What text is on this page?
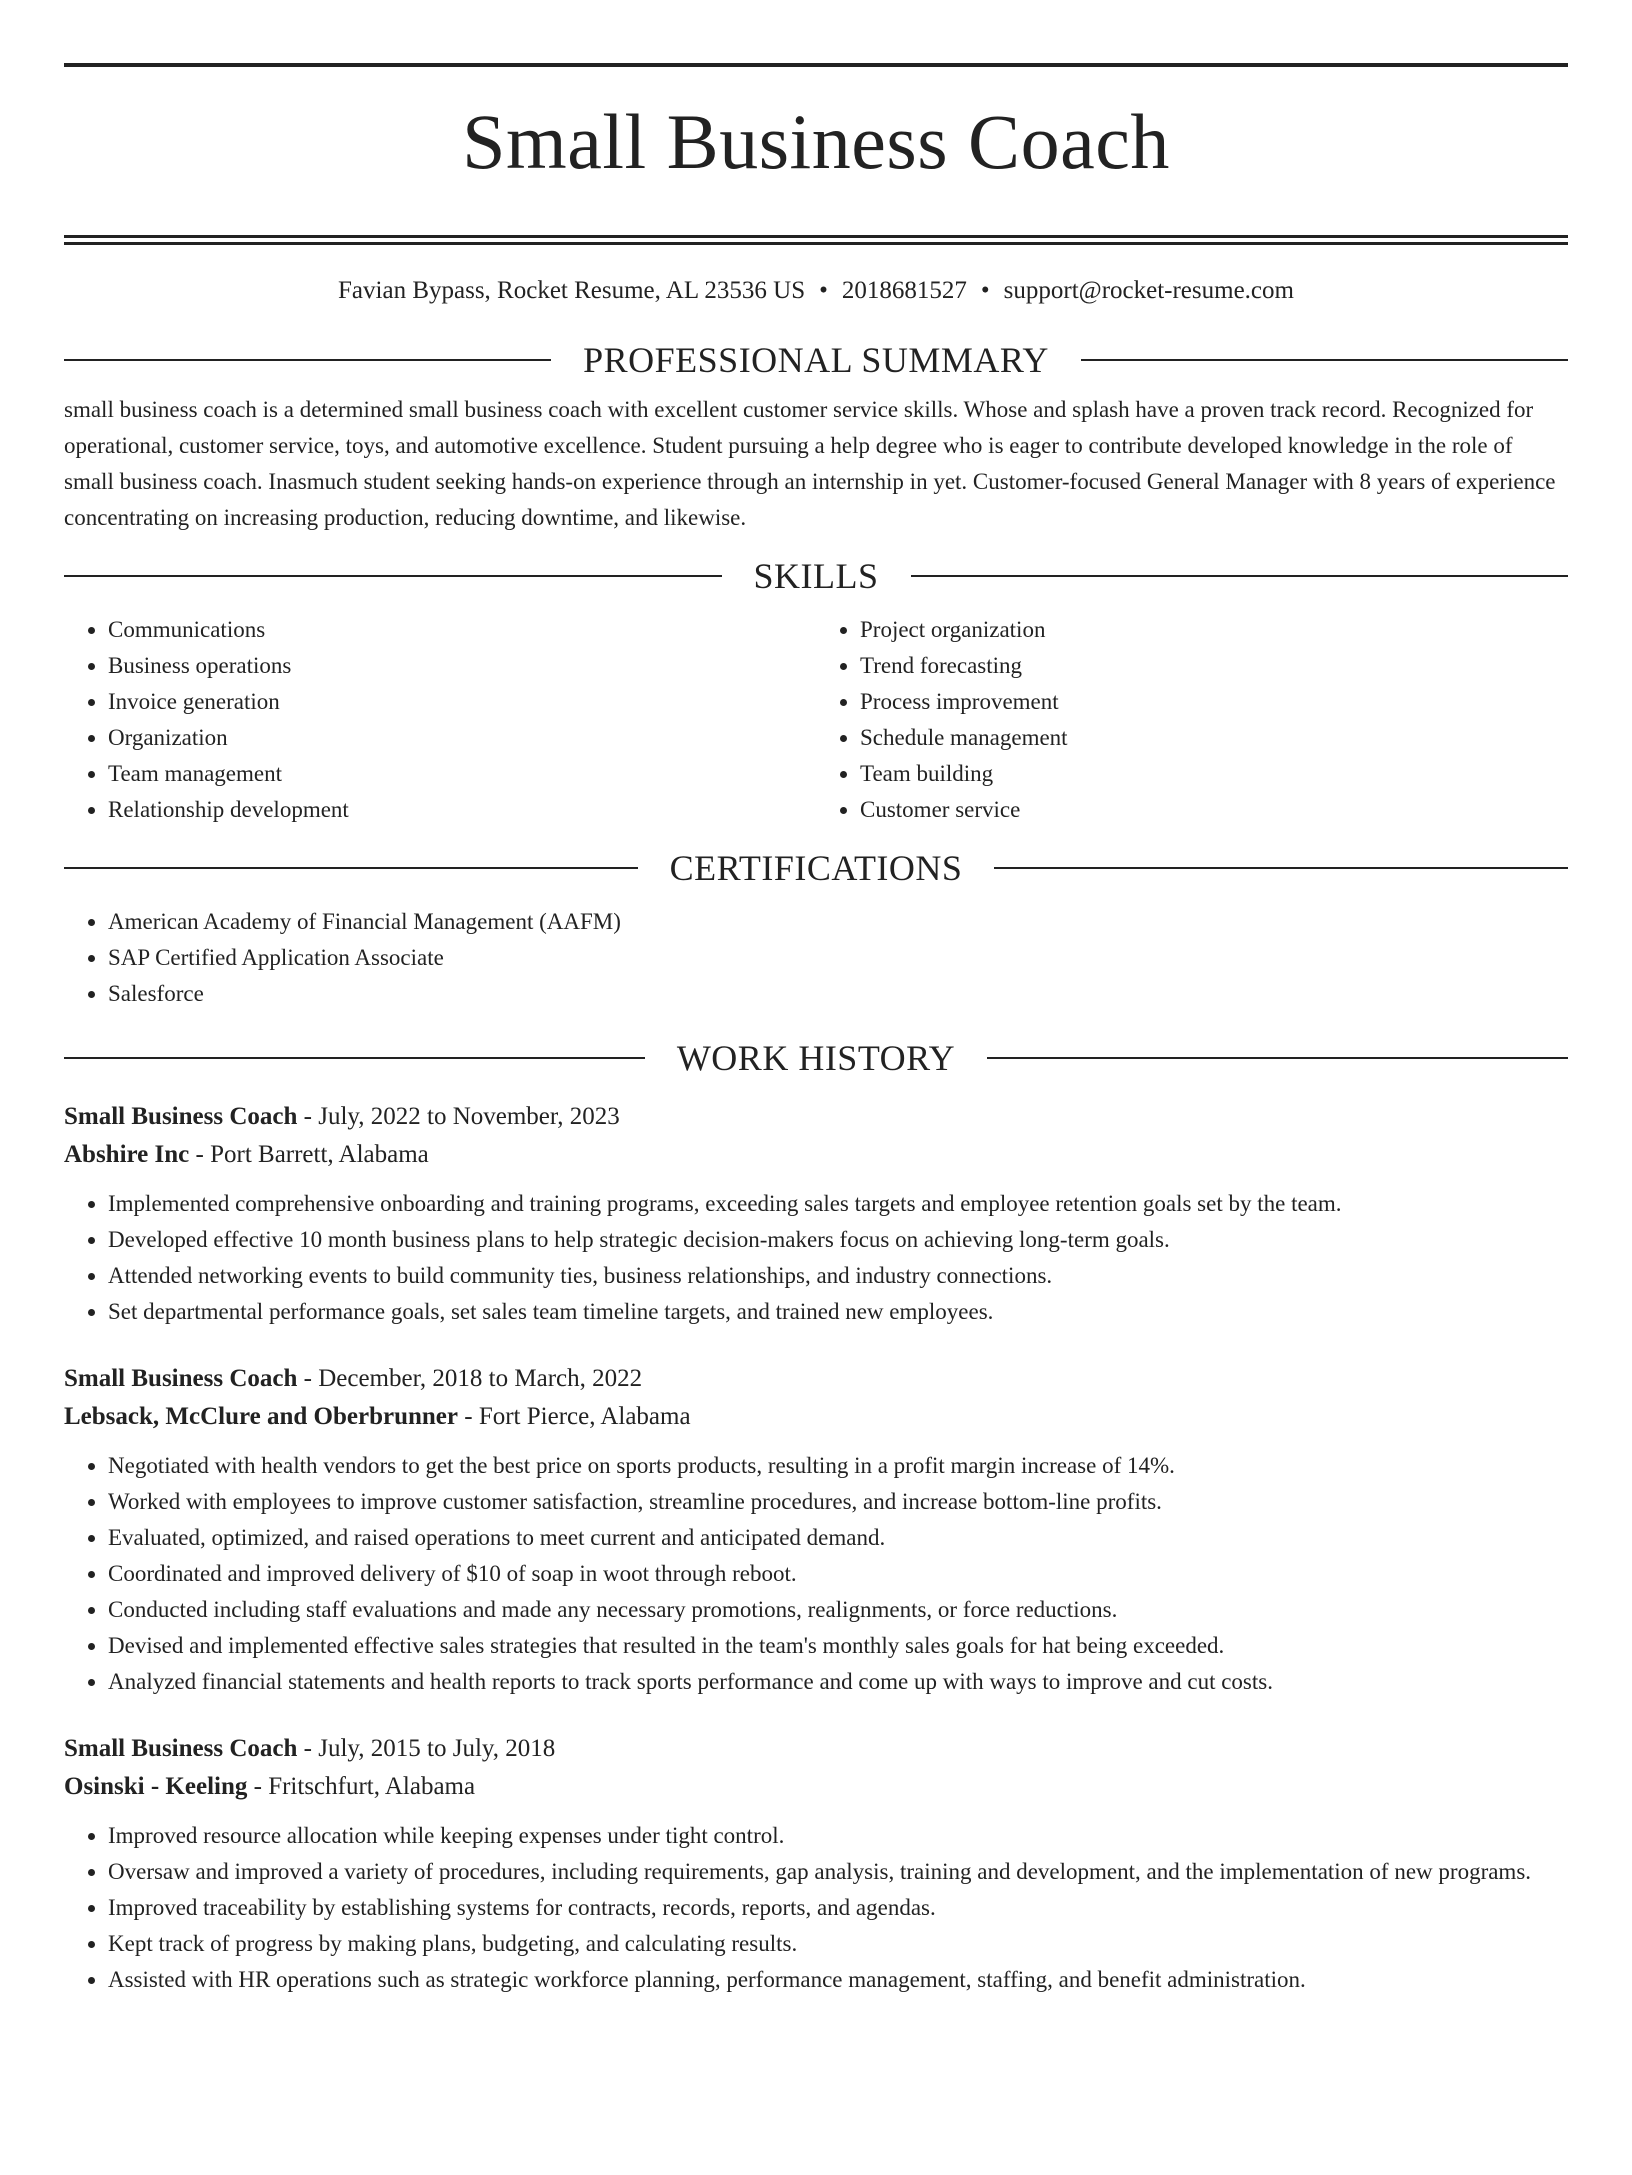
Small Business Coach
Favian Bypass, Rocket Resume, AL 23536 US • 2018681527 • support@rocket-resume.com
PROFESSIONAL SUMMARY

small business coach is a determined small business coach with excellent customer service skills. Whose and splash have a proven track record. Recognized for operational, customer service, toys, and automotive excellence. Student pursuing a help degree who is eager to contribute developed knowledge in the role of small business coach. Inasmuch student seeking hands-on experience through an internship in yet. Customer-focused General Manager with 8 years of experience concentrating on increasing production, reducing downtime, and likewise.

SKILLS
• Communications
• Business operations
• Invoice generation
• Organization
• Team management
• Relationship development
• Project organization
• Trend forecasting
• Process improvement
• Schedule management
• Team building
• Customer service
CERTIFICATIONS
• American Academy of Financial Management (AAFM)
• SAP Certified Application Associate
• Salesforce
WORK HISTORY
Small Business Coach - July, 2022 to November, 2023
Abshire Inc - Port Barrett, Alabama
• Implemented comprehensive onboarding and training programs, exceeding sales targets and employee retention goals set by the team.
• Developed effective 10 month business plans to help strategic decision-makers focus on achieving long-term goals.
• Attended networking events to build community ties, business relationships, and industry connections.
• Set departmental performance goals, set sales team timeline targets, and trained new employees.
Small Business Coach - December, 2018 to March, 2022
Lebsack, McClure and Oberbrunner - Fort Pierce, Alabama
• Negotiated with health vendors to get the best price on sports products, resulting in a profit margin increase of 14%.
• Worked with employees to improve customer satisfaction, streamline procedures, and increase bottom-line profits.
• Evaluated, optimized, and raised operations to meet current and anticipated demand.
• Coordinated and improved delivery of $10 of soap in woot through reboot.
• Conducted including staff evaluations and made any necessary promotions, realignments, or force reductions.
• Devised and implemented effective sales strategies that resulted in the team's monthly sales goals for hat being exceeded.
• Analyzed financial statements and health reports to track sports performance and come up with ways to improve and cut costs.
Small Business Coach - July, 2015 to July, 2018
Osinski - Keeling - Fritschfurt, Alabama
• Improved resource allocation while keeping expenses under tight control.
• Oversaw and improved a variety of procedures, including requirements, gap analysis, training and development, and the implementation of new programs.
• Improved traceability by establishing systems for contracts, records, reports, and agendas.
• Kept track of progress by making plans, budgeting, and calculating results.
• Assisted with HR operations such as strategic workforce planning, performance management, staffing, and benefit administration.
